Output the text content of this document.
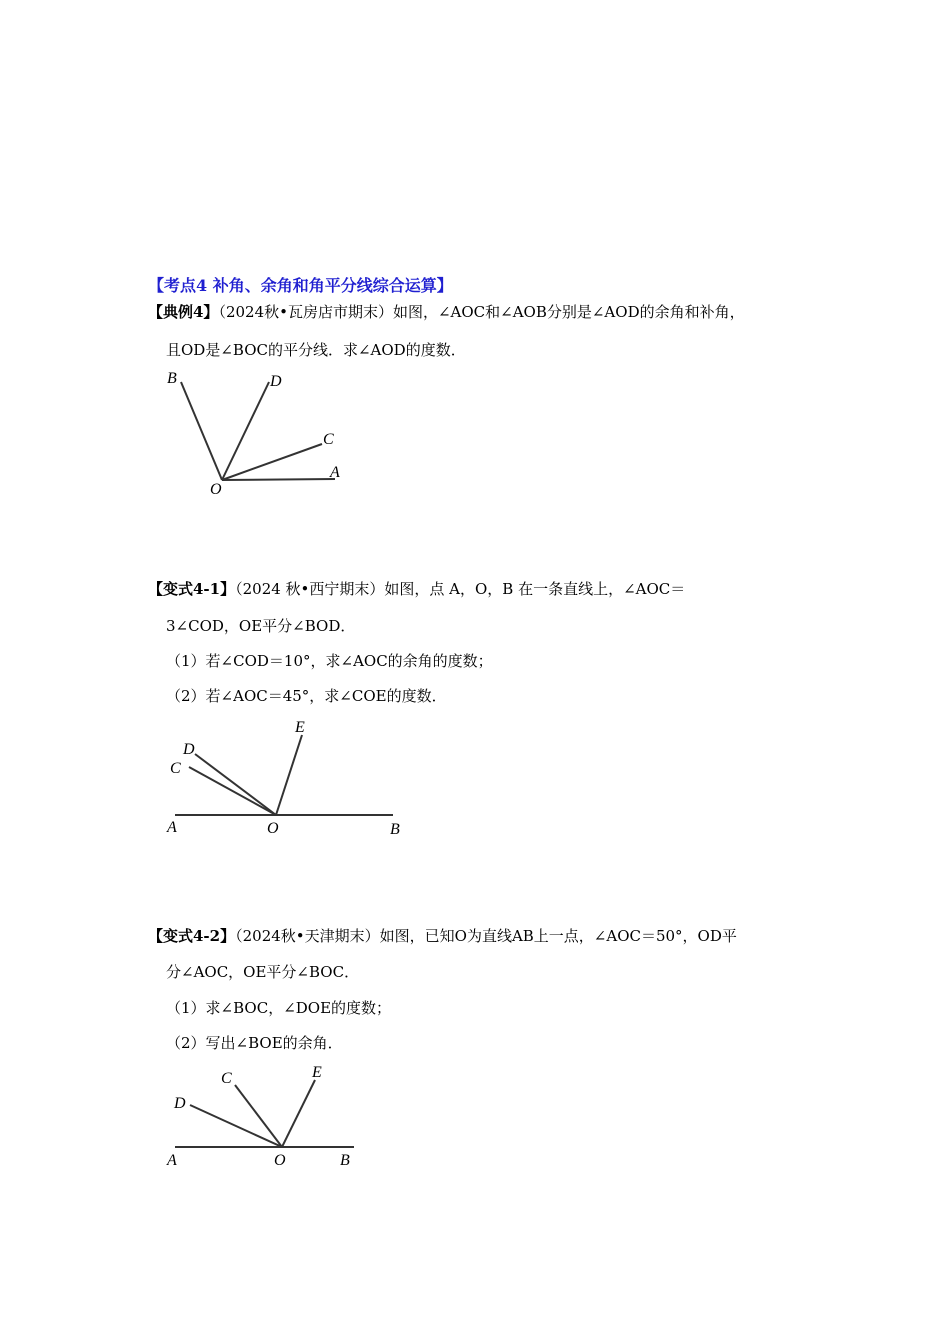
【考点4 补角、余角和角平分线综合运算】
【典例4】（2024秋•瓦房店市期末）如图，∠AOC和∠AOB分别是∠AOD的余角和补角，
且OD是∠BOC的平分线．求∠AOD的度数．
B	D
C
A
O
【变式4-1】（2024 秋•西宁期末）如图，点 A，O，B 在一条直线上，∠AOC＝
3∠COD，OE平分∠BOD．
（1）若∠COD＝10°，求∠AOC的余角的度数；
（2）若∠AOC＝45°，求∠COE的度数．
E
D
C
A	O	B
【变式4-2】（2024秋•天津期末）如图，已知O为直线AB上一点，∠AOC＝50°，OD平
分∠AOC，OE平分∠BOC．
（1）求∠BOC，∠DOE的度数；
（2）写出∠BOE的余角．
C	E
D
A	O	B
